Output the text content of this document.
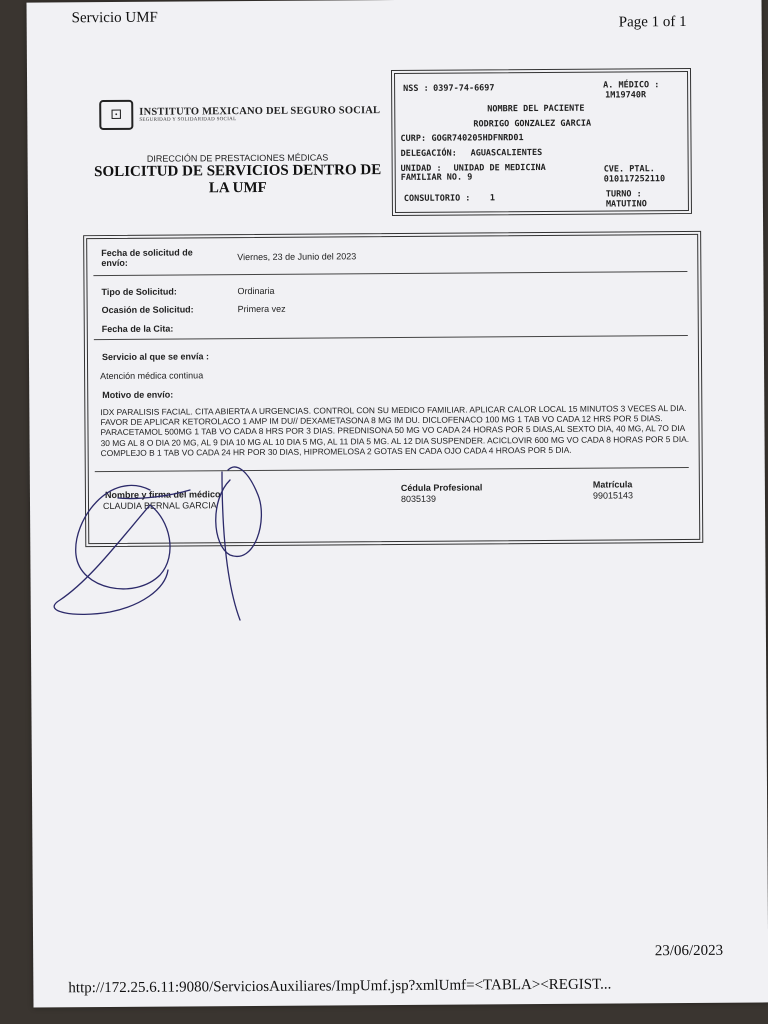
Servicio UMF	Page 1 of 1
⚀	INSTITUTO MEXICANO DEL SEGURO SOCIAL
SEGURIDAD Y SOLIDARIDAD SOCIAL
DIRECCIÓN DE PRESTACIONES MÉDICAS
SOLICITUD DE SERVICIOS DENTRO DE LA UMF
NSS : 0397-74-6697	A. MÉDICO :
1M19740R
NOMBRE DEL PACIENTE
RODRIGO GONZALEZ GARCIA
CURP: GOGR740205HDFNRD01
DELEGACIÓN: AGUASCALIENTES
UNIDAD : UNIDAD DE MEDICINA
FAMILIAR NO. 9
CVE. PTAL.
010117252110
CONSULTORIO : 1	TURNO :
MATUTINO
Fecha de solicitud de
envío:
Viernes, 23 de Junio del 2023
Tipo de Solicitud:	Ordinaria
Ocasión de Solicitud:	Primera vez
Fecha de la Cita:
Servicio al que se envía :
Atención médica continua
Motivo de envío:
IDX PARALISIS FACIAL. CITA ABIERTA A URGENCIAS. CONTROL CON SU MEDICO FAMILIAR. APLICAR CALOR LOCAL 15 MINUTOS 3 VECES AL DIA. FAVOR DE APLICAR KETOROLACO 1 AMP IM DU// DEXAMETASONA 8 MG IM DU. DICLOFENACO 100 MG 1 TAB VO CADA 12 HRS POR 5 DIAS. PARACETAMOL 500MG 1 TAB VO CADA 8 HRS POR 3 DIAS. PREDNISONA 50 MG VO CADA 24 HORAS POR 5 DIAS,AL SEXTO DIA, 40 MG, AL 7O DIA 30 MG AL 8 O DIA 20 MG, AL 9 DIA 10 MG AL 10 DIA 5 MG, AL 11 DIA 5 MG. AL 12 DIA SUSPENDER. ACICLOVIR 600 MG VO CADA 8 HORAS POR 5 DIA. COMPLEJO B 1 TAB VO CADA 24 HR POR 30 DIAS, HIPROMELOSA 2 GOTAS EN CADA OJO CADA 4 HROAS POR 5 DIA.
Nombre y firma del médico
CLAUDIA BERNAL GARCIA
Cédula Profesional
8035139
Matrícula
99015143
23/06/2023
http://172.25.6.11:9080/ServiciosAuxiliares/ImpUmf.jsp?xmlUmf=<TABLA><REGIST...
